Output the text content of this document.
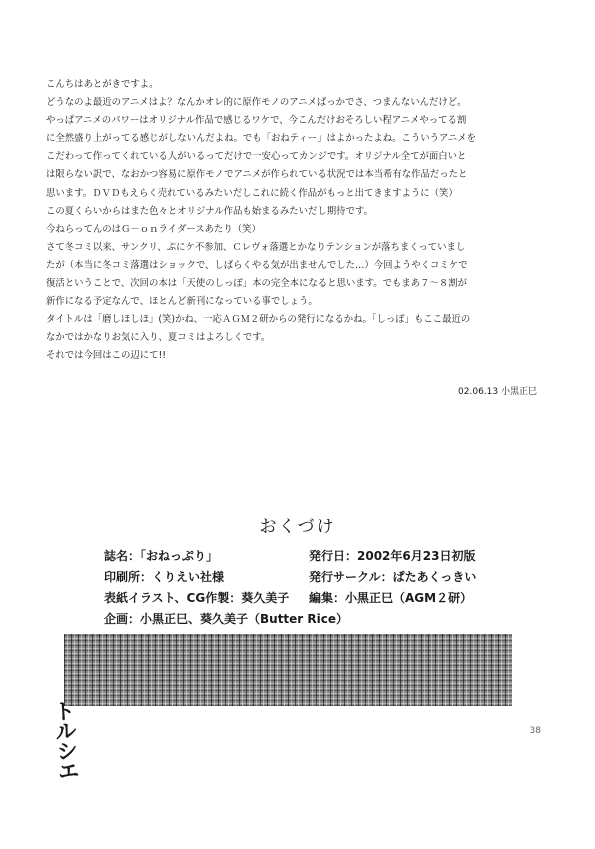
こんちはあとがきですよ。

どうなのよ最近のアニメはよ？なんかオレ的に原作モノのアニメばっかでさ、つまんないんだけど。

やっぱアニメのパワーはオリジナル作品で感じるワケで、今こんだけおそろしい程アニメやってる割

に全然盛り上がってる感じがしないんだよね。でも「おねティー」はよかったよね。こういうアニメを

こだわって作ってくれている人がいるってだけで一安心ってカンジです。オリジナル全てが面白いと

は限らない訳で、なおかつ容易に原作モノでアニメが作られている状況では本当希有な作品だったと

思います。ＤＶＤもえらく売れているみたいだしこれに続く作品がもっと出てきますように（笑）

この夏くらいからはまた色々とオリジナル作品も始まるみたいだし期待です。

今ねらってんのはＧ－ｏｎライダースあたり（笑）

さて冬コミ以来、サンクリ、ぷにケ不参加、Ｃレヴォ落選とかなりテンションが落ちまくっていまし

たが（本当に冬コミ落選はショックで、しばらくやる気が出ませんでした…）今回ようやくコミケで

復活ということで、次回の本は「天使のしっぽ」本の完全本になると思います。でもまあ７～８割が

新作になる予定なんで、ほとんど新刊になっている事でしょう。

タイトルは「磨しほしほ」(笑)かね、一応ＡＧＭ２研からの発行になるかね。「しっぽ」もここ最近の

なかではかなりお気に入り、夏コミはよろしくです。

それでは今回はこの辺にて!!

02.06.13 小黒正巳
おくづけ
誌名：「おねっぷり」	発行日：2002年6月23日初版
印刷所：くりえい社様	発行サークル：ぱたあくっきい
表紙イラスト、CG作製：葵久美子	編集：小黒正巳（AGM２研）
企画：小黒正巳、葵久美子（Butter Rice）
トルシエ	38
